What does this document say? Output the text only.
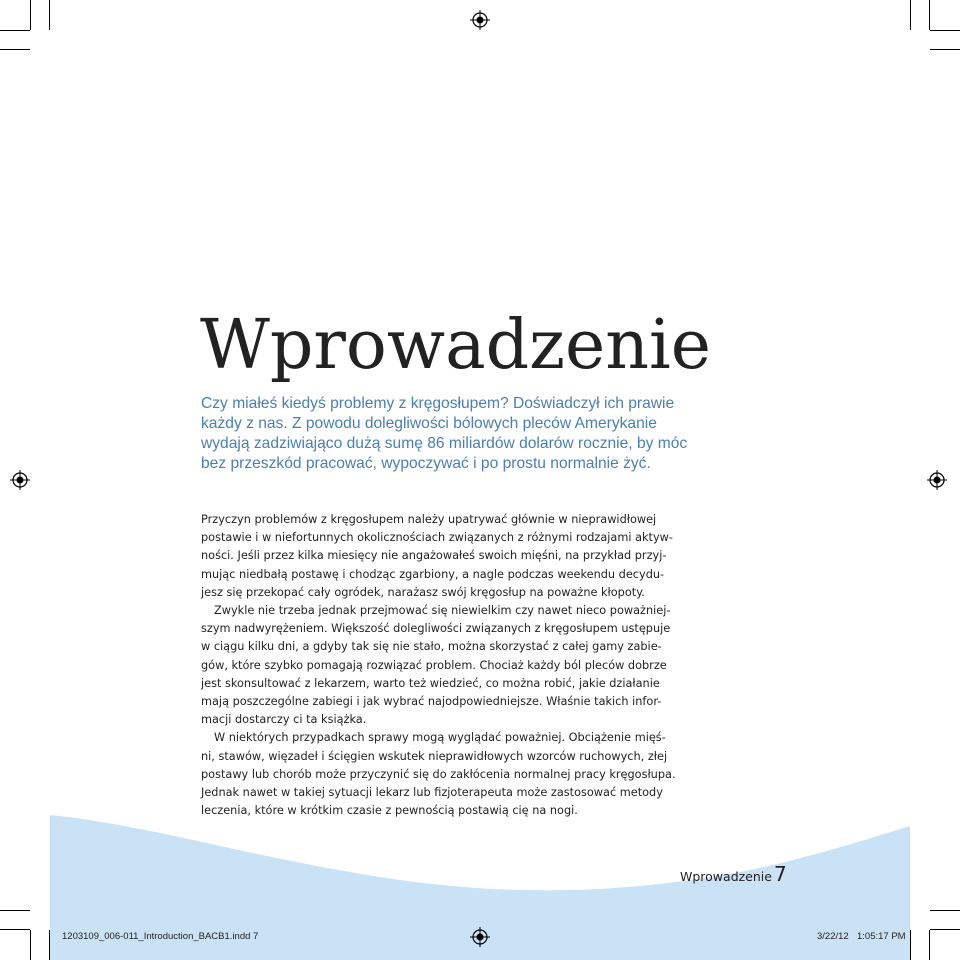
Wprowadzenie
Czy miałeś kiedyś problemy z kręgosłupem? Doświadczył ich prawie
każdy z nas. Z powodu dolegliwości bólowych pleców Amerykanie
wydają zadziwiająco dużą sumę 86 miliardów dolarów rocznie, by móc
bez przeszkód pracować, wypoczywać i po prostu normalnie żyć.
Przyczyn problemów z kręgosłupem należy upatrywać głównie w nieprawidłowej
postawie i w niefortunnych okolicznościach związanych z różnymi rodzajami aktyw-
ności. Jeśli przez kilka miesięcy nie angażowałeś swoich mięśni, na przykład przyj-
mując niedbałą postawę i chodząc zgarbiony, a nagle podczas weekendu decydu-
jesz się przekopać cały ogródek, narażasz swój kręgosłup na poważne kłopoty.
Zwykle nie trzeba jednak przejmować się niewielkim czy nawet nieco poważniej-
szym nadwyrężeniem. Większość dolegliwości związanych z kręgosłupem ustępuje
w ciągu kilku dni, a gdyby tak się nie stało, można skorzystać z całej gamy zabie-
gów, które szybko pomagają rozwiązać problem. Chociaż każdy ból pleców dobrze
jest skonsultować z lekarzem, warto też wiedzieć, co można robić, jakie działanie
mają poszczególne zabiegi i jak wybrać najodpowiedniejsze. Właśnie takich infor-
macji dostarczy ci ta książka.
W niektórych przypadkach sprawy mogą wyglądać poważniej. Obciążenie mięś-
ni, stawów, więzadeł i ścięgien wskutek nieprawidłowych wzorców ruchowych, złej
postawy lub chorób może przyczynić się do zakłócenia normalnej pracy kręgosłupa.
Jednak nawet w takiej sytuacji lekarz lub fizjoterapeuta może zastosować metody
leczenia, które w krótkim czasie z pewnością postawią cię na nogi.
Wprowadzenie 7
1203109_006-011_Introduction_BACB1.indd 7	3/22/12 1:05:17 PM
